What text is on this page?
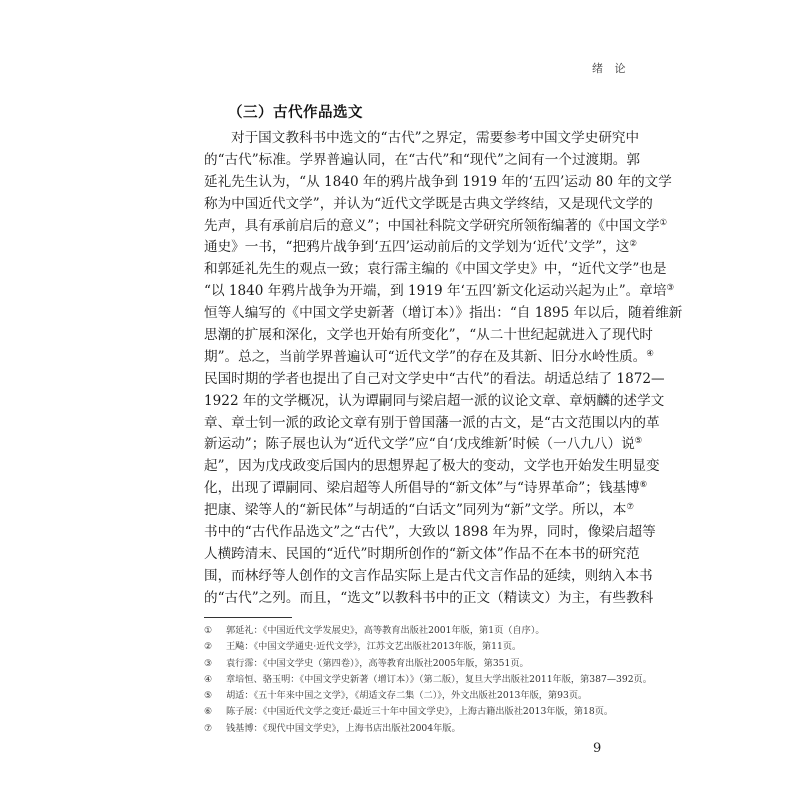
绪 论
（三）古代作品选文
对于国文教科书中选文的“古代”之界定，需要参考中国文学史研究中
的“古代”标准。学界普遍认同，在“古代”和“现代”之间有一个过渡期。郭
延礼先生认为，“从 1840 年的鸦片战争到 1919 年的‘五四’运动 80 年的文学
称为中国近代文学”，并认为“近代文学既是古典文学终结，又是现代文学的
先声，具有承前启后的意义”；中国社科院文学研究所领衔编著的《中国文学①
通史》一书，“把鸦片战争到‘五四’运动前后的文学划为‘近代’文学”，这②
和郭延礼先生的观点一致；袁行霈主编的《中国文学史》中，“近代文学”也是
“以 1840 年鸦片战争为开端，到 1919 年‘五四’新文化运动兴起为止”。章培③
恒等人编写的《中国文学史新著（增订本）》指出：“自 1895 年以后，随着维新
思潮的扩展和深化，文学也开始有所变化”，“从二十世纪起就进入了现代时
期”。总之，当前学界普遍认可“近代文学”的存在及其新、旧分水岭性质。④
民国时期的学者也提出了自己对文学史中“古代”的看法。胡适总结了 1872—
1922 年的文学概况，认为谭嗣同与梁启超一派的议论文章、章炳麟的述学文
章、章士钊一派的政论文章有别于曾国藩一派的古文，是“古文范围以内的革
新运动”；陈子展也认为“近代文学”应“自‘戊戌维新’时候（一八九八）说⑤
起”，因为戊戌政变后国内的思想界起了极大的变动，文学也开始发生明显变
化，出现了谭嗣同、梁启超等人所倡导的“新文体”与“诗界革命”；钱基博⑥
把康、梁等人的“新民体”与胡适的“白话文”同列为“新”文学。所以，本⑦
书中的“古代作品选文”之“古代”，大致以 1898 年为界，同时，像梁启超等
人横跨清末、民国的“近代”时期所创作的“新文体”作品不在本书的研究范
围，而林纾等人创作的文言作品实际上是古代文言作品的延续，则纳入本书
的“古代”之列。而且，“选文”以教科书中的正文（精读文）为主，有些教科
① 郭延礼：《中国近代文学发展史》，高等教育出版社2001年版，第1页（自序）。
② 王飚：《中国文学通史·近代文学》，江苏文艺出版社2013年版，第11页。
③ 袁行霈：《中国文学史（第四卷）》，高等教育出版社2005年版，第351页。
④ 章培恒、骆玉明：《中国文学史新著（增订本）》（第二版），复旦大学出版社2011年版，第387—392页。
⑤ 胡适：《五十年来中国之文学》，《胡适文存二集（二）》，外文出版社2013年版，第93页。
⑥ 陈子展：《中国近代文学之变迁·最近三十年中国文学史》，上海古籍出版社2013年版，第18页。
⑦ 钱基博：《现代中国文学史》，上海书店出版社2004年版。
9
